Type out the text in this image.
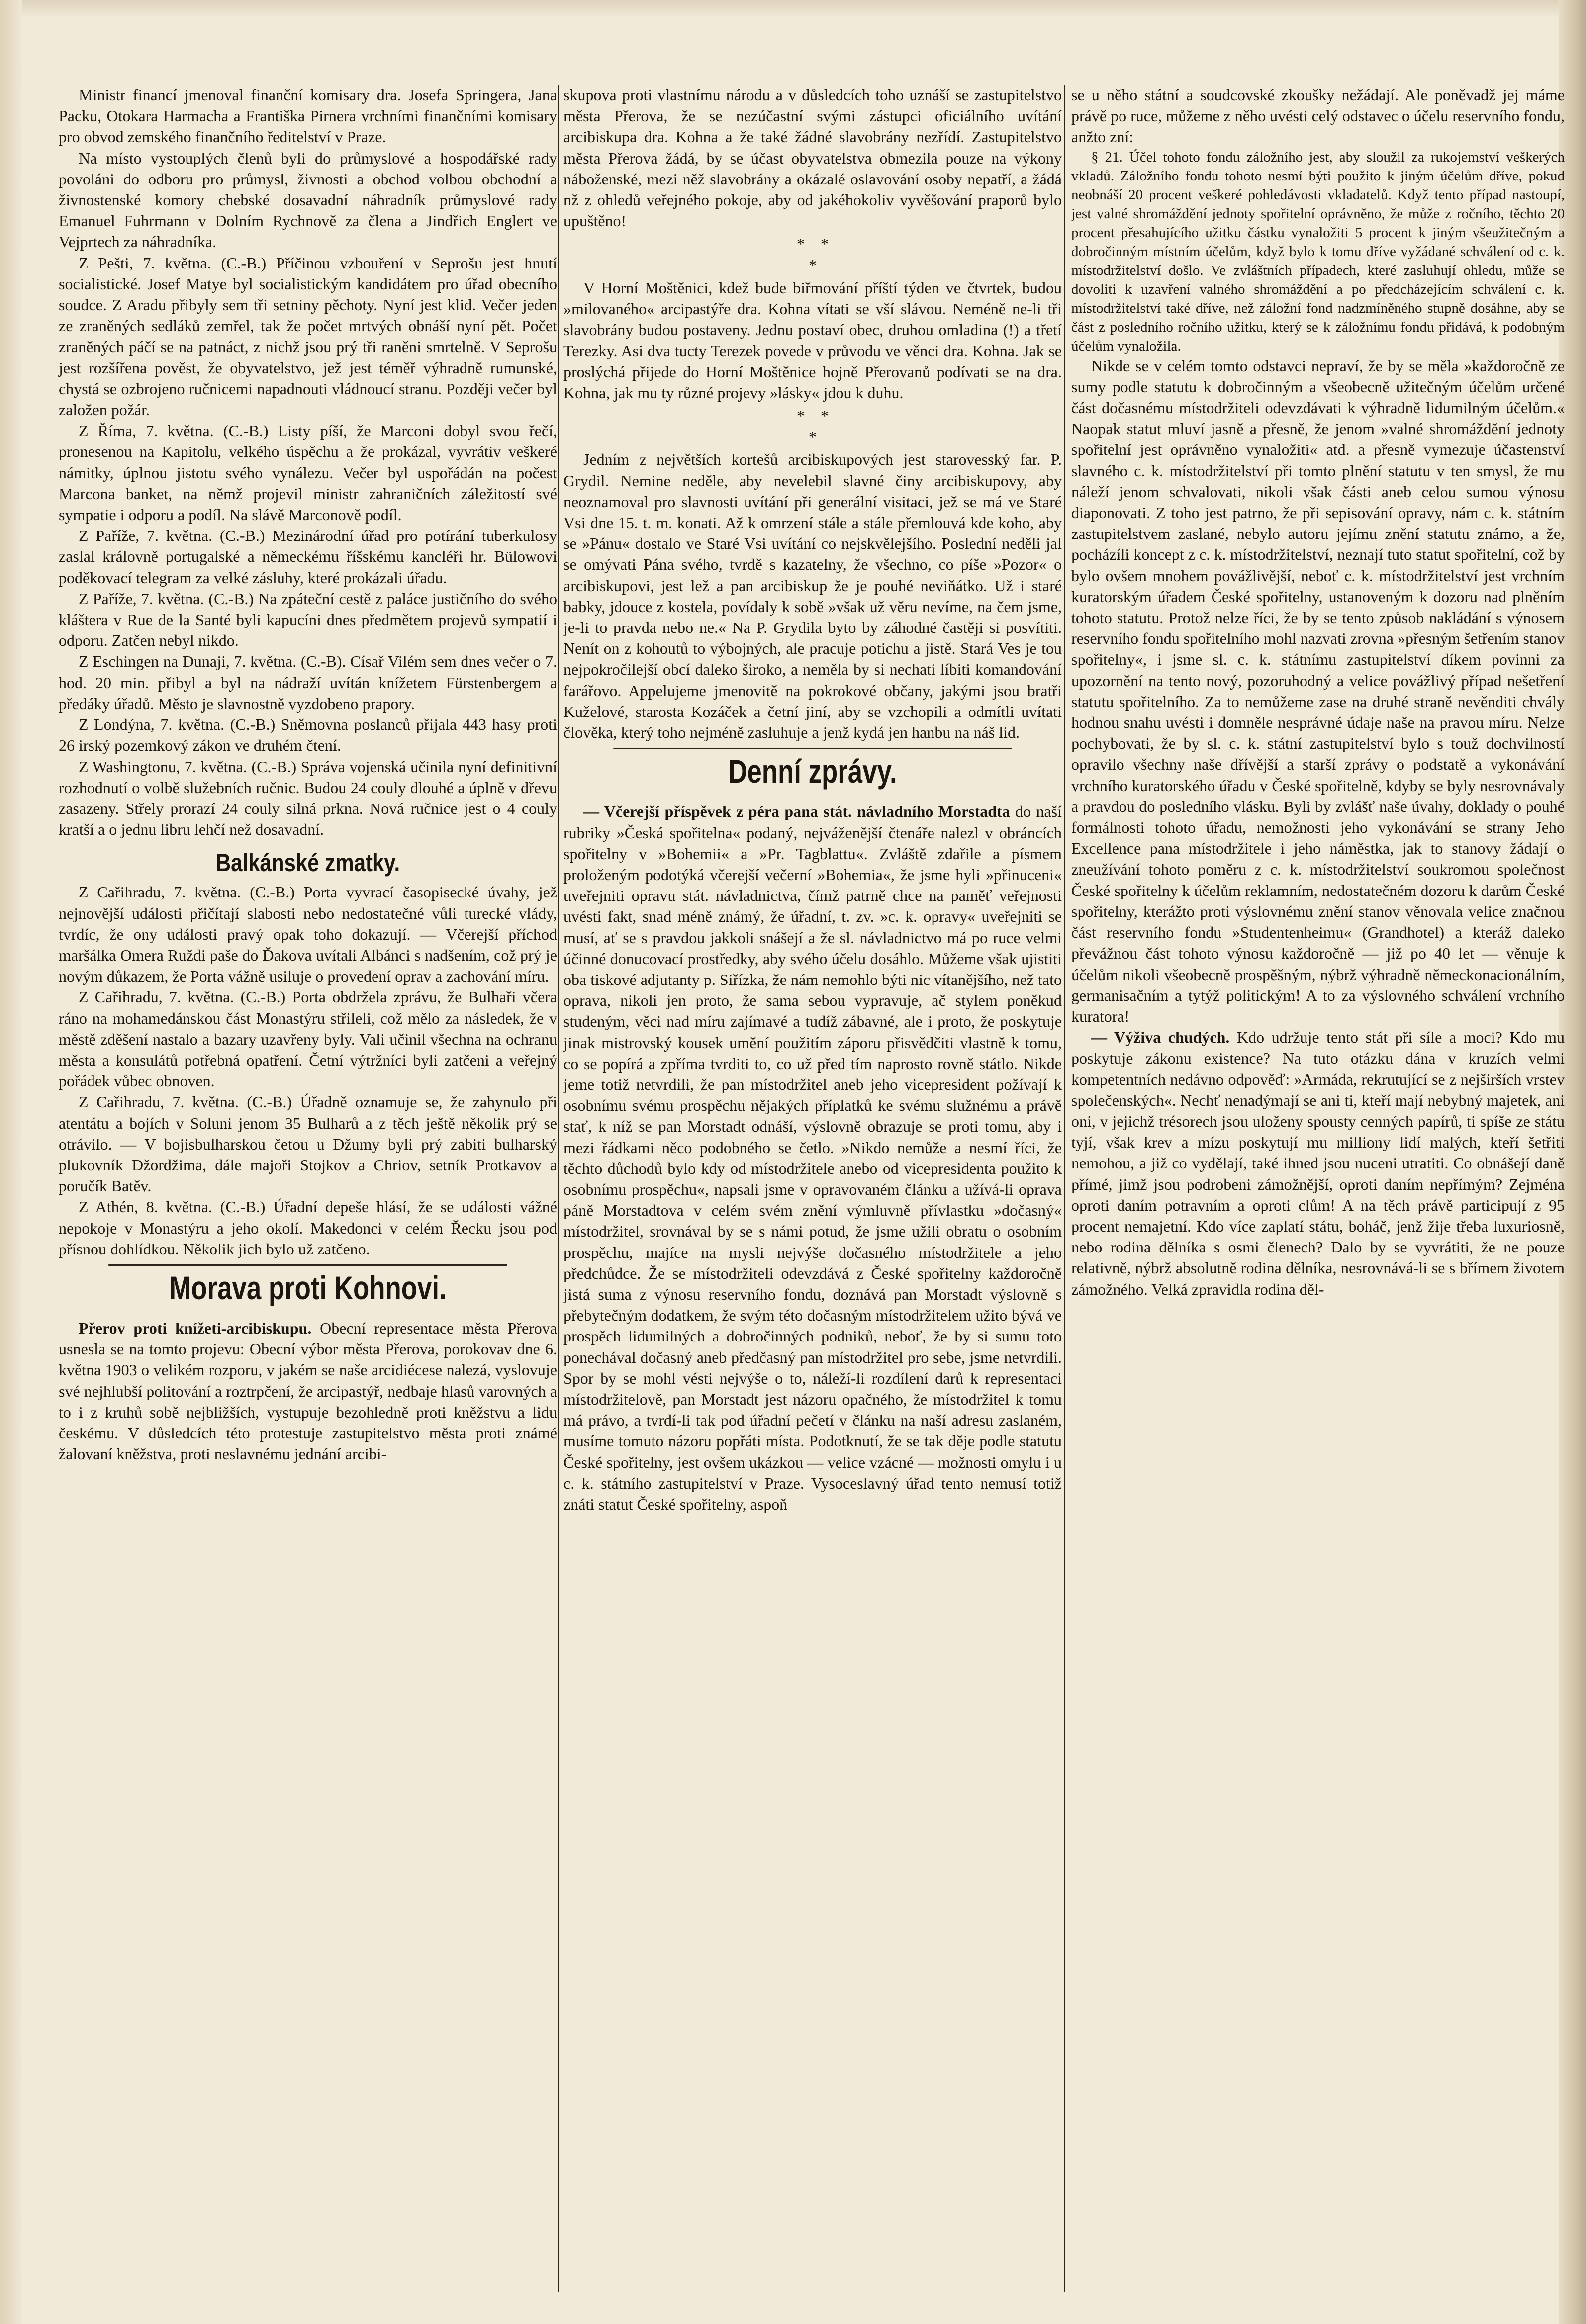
Ministr financí jmenoval finanční komisary dra. Josefa Springera, Jana Packu, Otokara Harmacha a Františka Pirnera vrchními finančními komisary pro obvod zemského finančního ředitelství v Praze.

Na místo vystouplých členů byli do průmyslové a hospodářské rady povoláni do odboru pro průmysl, živnosti a obchod volbou obchodní a živnostenské komory chebské dosavadní náhradník průmyslové rady Emanuel Fuhrmann v Dolním Rychnově za člena a Jindřich Englert ve Vejprtech za náhradníka.

Z Pešti, 7. května. (C.-B.) Příčinou vzbouření v Seprošu jest hnutí socialistické. Josef Matye byl socialistickým kandidátem pro úřad obecního soudce. Z Aradu přibyly sem tři setniny pěchoty. Nyní jest klid. Večer jeden ze zraněných sedláků zemřel, tak že počet mrtvých obnáší nyní pět. Počet zraněných páčí se na patnáct, z nichž jsou prý tři raněni smrtelně. V Seprošu jest rozšířena pověst, že obyvatelstvo, jež jest téměř výhradně rumunské, chystá se ozbrojeno ručnicemi napadnouti vládnoucí stranu. Později večer byl založen požár.

Z Říma, 7. května. (C.-B.) Listy píší, že Marconi dobyl svou řečí, pronesenou na Kapitolu, velkého úspěchu a že prokázal, vyvrátiv veškeré námitky, úplnou jistotu svého vynálezu. Večer byl uspořádán na počest Marcona banket, na němž projevil ministr zahraničních záležitostí své sympatie i odporu a podíl. Na slávě Marconově podíl.

Z Paříže, 7. května. (C.-B.) Mezinárodní úřad pro potírání tuberkulosy zaslal královně portugalské a německému říšskému kancléři hr. Bülowovi poděkovací telegram za velké zásluhy, které prokázali úřadu.

Z Paříže, 7. května. (C.-B.) Na zpáteční cestě z paláce justičního do svého kláštera v Rue de la Santé byli kapucíni dnes předmětem projevů sympatií i odporu. Zatčen nebyl nikdo.

Z Eschingen na Dunaji, 7. května. (C.-B). Císař Vilém sem dnes večer o 7. hod. 20 min. přibyl a byl na nádraží uvítán knížetem Fürstenbergem a předáky úřadů. Město je slavnostně vyzdobeno prapory.

Z Londýna, 7. května. (C.-B.) Sněmovna poslanců přijala 443 hasy proti 26 irský pozemkový zákon ve druhém čtení.

Z Washingtonu, 7. května. (C.-B.) Správa vojenská učinila nyní definitivní rozhodnutí o volbě služebních ručnic. Budou 24 couly dlouhé a úplně v dřevu zasazeny. Střely prorazí 24 couly silná prkna. Nová ručnice jest o 4 couly kratší a o jednu libru lehčí než dosavadní.

Balkánské zmatky.

Z Cařihradu, 7. května. (C.-B.) Porta vyvrací časopisecké úvahy, jež nejnovější události přičítají slabosti nebo nedostatečné vůli turecké vlády, tvrdíc, že ony události pravý opak toho dokazují. — Včerejší příchod maršálka Omera Ruždi paše do Ďakova uvítali Albánci s nadšením, což prý je novým důkazem, že Porta vážně usiluje o provedení oprav a zachování míru.

Z Cařihradu, 7. května. (C.-B.) Porta obdržela zprávu, že Bulhaři včera ráno na mohamedánskou část Monastýru střileli, což mělo za následek, že v městě zděšení nastalo a bazary uzavřeny byly. Vali učinil všechna na ochranu města a konsulátů potřebná opatření. Četní výtržníci byli zatčeni a veřejný pořádek vůbec obnoven.

Z Cařihradu, 7. května. (C.-B.) Úřadně oznamuje se, že zahynulo při atentátu a bojích v Soluni jenom 35 Bulharů a z těch ještě několik prý se otrávilo. — V bojisbulharskou četou u Džumy byli prý zabiti bulharský plukovník Džordžima, dále majoři Stojkov a Chriov, setník Protkavov a poručík Batěv.

Z Athén, 8. května. (C.-B.) Úřadní depeše hlásí, že se události vážné nepokoje v Monastýru a jeho okolí. Makedonci v celém Řecku jsou pod přísnou dohlídkou. Několik jich bylo už zatčeno.

Morava proti Kohnovi.

Přerov proti knížeti-arcibiskupu. Obecní representace města Přerova usnesla se na tomto projevu: Obecní výbor města Přerova, porokovav dne 6. května 1903 o velikém rozporu, v jakém se naše arcidiécese nalezá, vyslovuje své nejhlubší politování a roztrpčení, že arcipastýř, nedbaje hlasů varovných a to i z kruhů sobě nejbližších, vystupuje bezohledně proti kněžstvu a lidu českému. V důsledcích této protestuje zastupitelstvo města proti známé žalovaní kněžstva, proti neslavnému jednání arcibi-

skupova proti vlastnímu národu a v důsledcích toho uznáší se zastupitelstvo města Přerova, že se nezúčastní svými zástupci oficiálního uvítání arcibiskupa dra. Kohna a že také žádné slavobrány nezřídí. Zastupitelstvo města Přerova žádá, by se účast obyvatelstva obmezila pouze na výkony náboženské, mezi něž slavobrány a okázalé oslavování osoby nepatří, a žádá nž z ohledů veřejného pokoje, aby od jakéhokoliv vyvěšování praporů bylo upuštěno!

*    *
*

V Horní Moštěnici, kdež bude biřmování příští týden ve čtvrtek, budou »milovaného« arcipastýře dra. Kohna vítati se vší slávou. Neméně ne-li tři slavobrány budou postaveny. Jednu postaví obec, druhou omladina (!) a třetí Terezky. Asi dva tucty Terezek povede v průvodu ve věnci dra. Kohna. Jak se proslýchá přijede do Horní Moštěnice hojně Přerovanů podívati se na dra. Kohna, jak mu ty různé projevy »lásky« jdou k duhu.

*    *
*

Jedním z největších kortešů arcibiskupových jest starovesský far. P. Grydil. Nemine neděle, aby nevelebil slavné činy arcibiskupovy, aby neoznamoval pro slavnosti uvítání při generální visitaci, jež se má ve Staré Vsi dne 15. t. m. konati. Až k omrzení stále a stále přemlouvá kde koho, aby se »Pánu« dostalo ve Staré Vsi uvítání co nejskvělejšího. Poslední neděli jal se omývati Pána svého, tvrdě s kazatelny, že všechno, co píše »Pozor« o arcibiskupovi, jest lež a pan arcibiskup že je pouhé neviňátko. Už i staré babky, jdouce z kostela, povídaly k sobě »však už věru nevíme, na čem jsme, je-li to pravda nebo ne.« Na P. Grydila byto by záhodné častěji si posvítiti. Nenít on z kohoutů to výbojných, ale pracuje potichu a jistě. Stará Ves je tou nejpokročilejší obcí daleko široko, a neměla by si nechati líbiti komandování farářovo. Appelujeme jmenovitě na pokrokové občany, jakými jsou bratři Kuželové, starosta Kozáček a četní jiní, aby se vzchopili a odmítli uvítati člověka, který toho nejméně zasluhuje a jenž kydá jen hanbu na náš lid.

Denní zprávy.

— Včerejší příspěvek z péra pana stát. návladního Morstadta do naší rubriky »Česká spořitelna« podaný, nejváženější čtenáře nalezl v obráncích spořitelny v »Bohemii« a »Pr. Tagblattu«. Zvláště zdařile a písmem proloženým podotýká včerejší večerní »Bohemia«, že jsme hyli »přinuceni« uveřejniti opravu stát. návladnictva, čímž patrně chce na paměť veřejnosti uvésti fakt, snad méně známý, že úřadní, t. zv. »c. k. opravy« uveřejniti se musí, ať se s pravdou jakkoli snášejí a že sl. návladnictvo má po ruce velmi účinné donucovací prostředky, aby svého účelu dosáhlo. Můžeme však ujistiti oba tiskové adjutanty p. Siřízka, že nám nemohlo býti nic vítanějšího, než tato oprava, nikoli jen proto, že sama sebou vypravuje, ač stylem poněkud studeným, věci nad míru zajímavé a tudíž zábavné, ale i proto, že poskytuje jinak mistrovský kousek umění použitím záporu přisvědčiti vlastně k tomu, co se popírá a zpříma tvrditi to, co už před tím naprosto rovně státlo. Nikde jeme totiž netvrdili, že pan místodržitel aneb jeho vicepresident požívají k osobnímu svému prospěchu nějakých příplatků ke svému služnému a právě stať, k níž se pan Morstadt odnáší, výslovně obrazuje se proti tomu, aby i mezi řádkami něco podobného se četlo. »Nikdo nemůže a nesmí říci, že těchto důchodů bylo kdy od místodržitele anebo od vicepresidenta použito k osobnímu prospěchu«, napsali jsme v opravovaném článku a užívá-li oprava páně Morstadtova v celém svém znění výmluvně přívlastku »dočasný« místodržitel, srovnával by se s námi potud, že jsme užili obratu o osobním prospěchu, majíce na mysli nejvýše dočasného místodržitele a jeho předchůdce. Že se místodržiteli odevzdává z České spořitelny každoročně jistá suma z výnosu reservního fondu, doznává pan Morstadt výslovně s přebytečným dodatkem, že svým této dočasným místodržitelem užito bývá ve prospěch lidumilných a dobročinných podniků, neboť, že by si sumu toto ponechával dočasný aneb předčasný pan místodržitel pro sebe, jsme netvrdili. Spor by se mohl vésti nejvýše o to, náleží-li rozdílení darů k representaci místodržitelově, pan Morstadt jest názoru opačného, že místodržitel k tomu má právo, a tvrdí-li tak pod úřadní pečetí v článku na naší adresu zaslaném, musíme tomuto názoru popřáti místa. Podotknutí, že se tak děje podle statutu České spořitelny, jest ovšem ukázkou — velice vzácné — možnosti omylu i u c. k. státního zastupitelství v Praze. Vysoceslavný úřad tento nemusí totiž znáti statut České spořitelny, aspoň

se u něho státní a soudcovské zkoušky nežádají. Ale poněvadž jej máme právě po ruce, můžeme z něho uvésti celý odstavec o účelu reservního fondu, anžto zní:

§ 21. Účel tohoto fondu záložního jest, aby sloužil za rukojemství veškerých vkladů. Záložního fondu tohoto nesmí býti použito k jiným účelům dříve, pokud neobnáší 20 procent veškeré pohledávosti vkladatelů. Když tento případ nastoupí, jest valné shromáždění jednoty spořitelní oprávněno, že může z ročního, těchto 20 procent přesahujícího užitku částku vynaložiti 5 procent k jiným všeužitečným a dobročinným místním účelům, když bylo k tomu dříve vyžádané schválení od c. k. místodržitelství došlo. Ve zvláštních případech, které zasluhují ohledu, může se dovoliti k uzavření valného shromáždění a po předcházejícím schválení c. k. místodržitelství také dříve, než záložní fond nadzmíněného stupně dosáhne, aby se část z posledního ročního užitku, který se k záložnímu fondu přidává, k podobným účelům vynaložila.

Nikde se v celém tomto odstavci nepraví, že by se měla »každoročně ze sumy podle statutu k dobročinným a všeobecně užitečným účelům určené část dočasnému místodržiteli odevzdávati k výhradně lidumilným účelům.« Naopak statut mluví jasně a přesně, že jenom »valné shromáždění jednoty spořitelní jest oprávněno vynaložiti« atd. a přesně vymezuje účastenství slavného c. k. místodržitelství při tomto plnění statutu v ten smysl, že mu náleží jenom schvalovati, nikoli však části aneb celou sumou výnosu diaponovati. Z toho jest patrno, že při sepisování opravy, nám c. k. státním zastupitelstvem zaslané, nebylo autoru jejímu znění statutu známo, a že, pocházíli koncept z c. k. místodržitelství, neznají tuto statut spořitelní, což by bylo ovšem mnohem povážlivější, neboť c. k. místodržitelství jest vrchním kuratorským úřadem České spořitelny, ustanoveným k dozoru nad plněním tohoto statutu. Protož nelze říci, že by se tento způsob nakládání s výnosem reservního fondu spořitelního mohl nazvati zrovna »přesným šetřením stanov spořitelny«, i jsme sl. c. k. státnímu zastupitelství díkem povinni za upozornění na tento nový, pozoruhodný a velice povážlivý případ nešetření statutu spořitelního. Za to nemůžeme zase na druhé straně nevěnditi chvály hodnou snahu uvésti i domněle nesprávné údaje naše na pravou míru. Nelze pochybovati, že by sl. c. k. státní zastupitelství bylo s touž dochvilností opravilo všechny naše dřívější a starší zprávy o podstatě a vykonávání vrchního kuratorského úřadu v České spořitelně, kdyby se byly nesrovnávaly a pravdou do posledního vlásku. Byli by zvlášť naše úvahy, doklady o pouhé formálnosti tohoto úřadu, nemožnosti jeho vykonávání se strany Jeho Excellence pana místodržitele i jeho náměstka, jak to stanovy žádají o zneužívání tohoto poměru z c. k. místodržitelství soukromou společnost České spořitelny k účelům reklamním, nedostatečném dozoru k darům České spořitelny, kterážto proti výslovnému znění stanov věnovala velice značnou část reservního fondu »Studentenheimu« (Grandhotel) a kteráž daleko převážnou část tohoto výnosu každoročně — již po 40 let — věnuje k účelům nikoli všeobecně prospěšným, nýbrž výhradně německonacionálním, germanisačním a tytýž politickým! A to za výslovného schválení vrchního kuratora!

— Výživa chudých. Kdo udržuje tento stát při síle a moci? Kdo mu poskytuje zákonu existence? Na tuto otázku dána v kruzích velmi kompetentních nedávno odpověď: »Armáda, rekrutující se z nejširších vrstev společenských«. Nechť nenadýmají se ani ti, kteří mají nebybný majetek, ani oni, v jejichž trésorech jsou uloženy spousty cenných papírů, ti spíše ze státu tyjí, však krev a mízu poskytují mu milliony lidí malých, kteří šetřiti nemohou, a již co vydělají, také ihned jsou nuceni utratiti. Co obnášejí daně přímé, jimž jsou podrobeni zámožnější, oproti daním nepřímým? Zejména oproti daním potravním a oproti clům! A na těch právě participují z 95 procent nemajetní. Kdo více zaplatí státu, boháč, jenž žije třeba luxuriosně, nebo rodina dělníka s osmi členech? Dalo by se vyvrátiti, že ne pouze relativně, nýbrž absolutně rodina dělníka, nesrovnává-li se s břímem životem zámožného. Velká zpravidla rodina děl-
